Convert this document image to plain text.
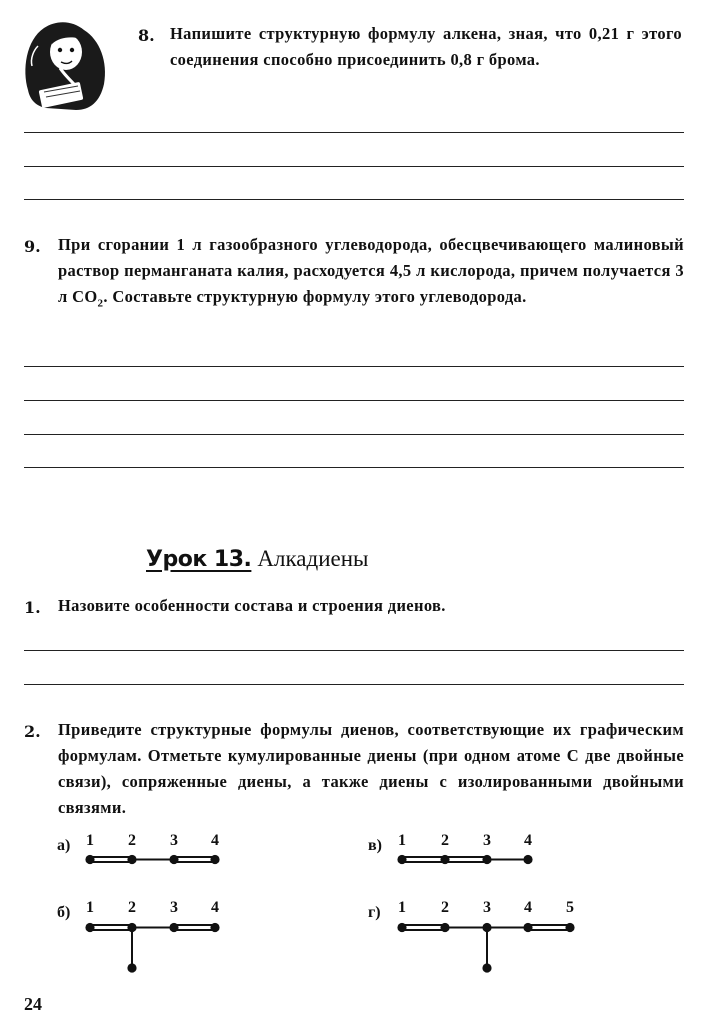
8. Напишите структурную формулу алкена, зная, что 0,21 г этого соединения способно присоединить 0,8 г брома.
9. При сгорании 1 л газообразного углеводорода, обесцвечивающего малиновый раствор перманганата калия, расходуется 4,5 л кислорода, причем получается 3 л $CO_2$. Составьте структурную формулу этого углеводорода.
Урок 13. Алкадиены
1. Назовите особенности состава и строения диенов.
2. Приведите структурные формулы диенов, соответствующие их графическим формулам. Отметьте кумулированные диены (при одном атоме С две двойные связи), сопряженные диены, а также диены с изолированными двойными связями.
а)	в)
б)	г)
1 2 3 4	1 2 3 4
1 2 3 4	1 2 3 4 5
24
